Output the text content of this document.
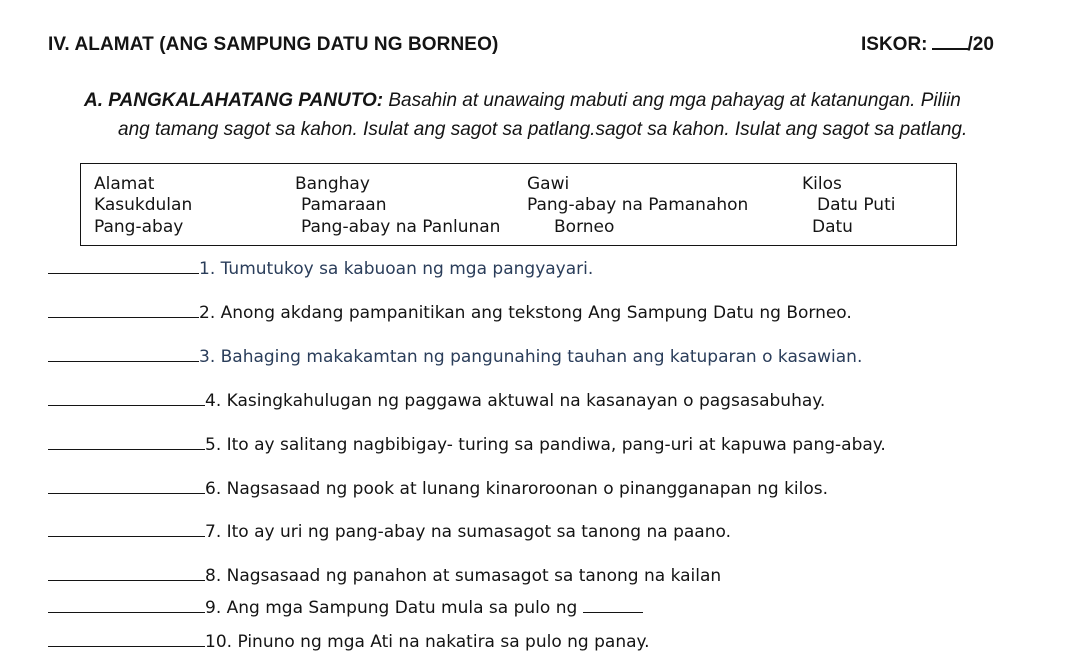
IV. ALAMAT (ANG SAMPUNG DATU NG BORNEO)	ISKOR: /20
A. PANGKALAHATANG PANUTO: Basahin at unawaing mabuti ang mga pahayag at katanungan. Piliin
ang tamang sagot sa kahon. Isulat ang sagot sa patlang.sagot sa kahon. Isulat ang sagot sa patlang.
Alamat	Banghay	Gawi	Kilos
Kasukdulan	Pamaraan	Pang-abay na Pamanahon	Datu Puti
Pang-abay	Pang-abay na Panlunan	Borneo	Datu
1. Tumutukoy sa kabuoan ng mga pangyayari.
2. Anong akdang pampanitikan ang tekstong Ang Sampung Datu ng Borneo.
3. Bahaging makakamtan ng pangunahing tauhan ang katuparan o kasawian.
4. Kasingkahulugan ng paggawa aktuwal na kasanayan o pagsasabuhay.
5. Ito ay salitang nagbibigay- turing sa pandiwa, pang-uri at kapuwa pang-abay.
6. Nagsasaad ng pook at lunang kinaroroonan o pinangganapan ng kilos.
7. Ito ay uri ng pang-abay na sumasagot sa tanong na paano.
8. Nagsasaad ng panahon at sumasagot sa tanong na kailan
9. Ang mga Sampung Datu mula sa pulo ng
10. Pinuno ng mga Ati na nakatira sa pulo ng panay.
